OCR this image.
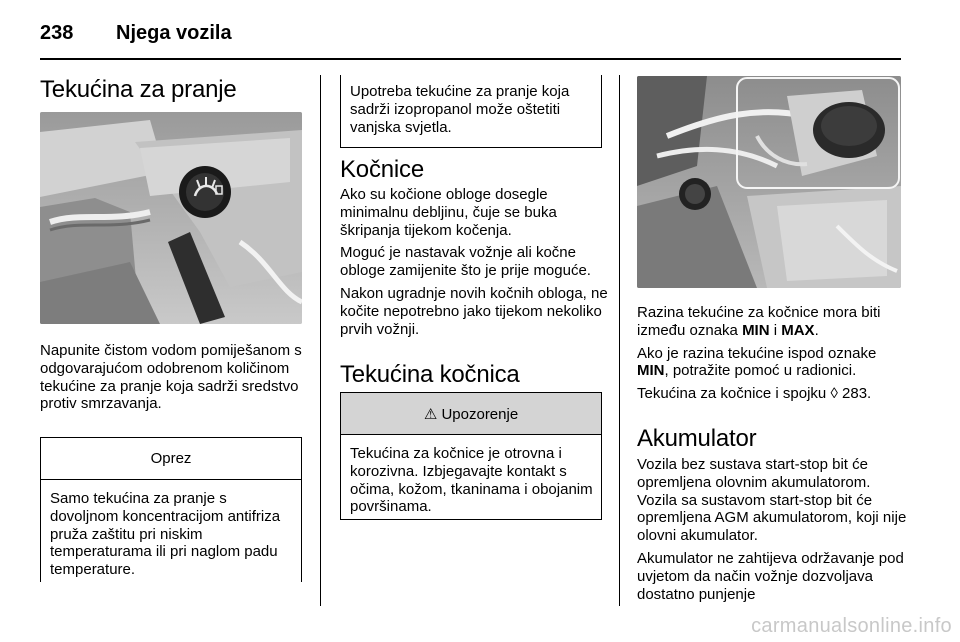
238 Njega vozila
Tekućina za pranje

Napunite čistom vodom pomiješanom s odgovarajućom odobrenom količinom tekućine za pranje koja sadrži sredstvo protiv smrzavanja.

Oprez
Samo tekućina za pranje s dovoljnom koncentracijom antifriza pruža zaštitu pri niskim temperaturama ili pri naglom padu temperature.
Upotreba tekućine za pranje koja sadrži izopropanol može oštetiti vanjska svjetla.
Kočnice

Ako su kočione obloge dosegle minimalnu debljinu, čuje se buka škripanja tijekom kočenja.

Moguć je nastavak vožnje ali kočne obloge zamijenite što je prije moguće.

Nakon ugradnje novih kočnih obloga, ne kočite nepotrebno jako tijekom nekoliko prvih vožnji.

Tekućina kočnica
⚠ Upozorenje
Tekućina za kočnice je otrovna i korozivna. Izbjegavajte kontakt s očima, kožom, tkaninama i obojanim površinama.

Razina tekućine za kočnice mora biti između oznaka MIN i MAX.

Ako je razina tekućine ispod oznake MIN, potražite pomoć u radionici.

Tekućina za kočnice i spojku ◊ 283.

Akumulator

Vozila bez sustava start-stop bit će opremljena olovnim akumulatorom. Vozila sa sustavom start-stop bit će opremljena AGM akumulatorom, koji nije olovni akumulator.

Akumulator ne zahtijeva održavanje pod uvjetom da način vožnje dozvoljava dostatno punjenje

carmanualsonline.info
